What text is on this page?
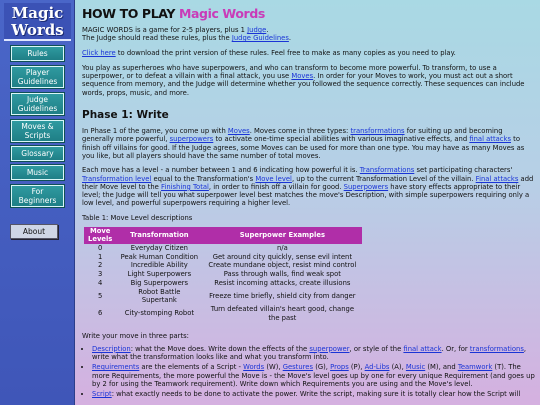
Magic
Words
Rules
Player Guidelines
Judge Guidelines
Moves & Scripts
Glossary
Music
For Beginners
About
HOW TO PLAY Magic Words

MAGIC WORDS is a game for 2-5 players, plus 1 Judge.
The Judge should read these rules, plus the Judge Guidelines.

Click here to download the print version of these rules. Feel free to make as many copies as you need to play.

You play as superheroes who have superpowers, and who can transform to become more powerful. To transform, to use a superpower, or to defeat a villain with a final attack, you use Moves. In order for your Moves to work, you must act out a short sequence from memory, and the Judge will determine whether you followed the sequence correctly. These sequences can include words, props, music, and more.

Phase 1: Write

In Phase 1 of the game, you come up with Moves. Moves come in three types: transformations for suiting up and becoming generally more powerful, superpowers to activate one-time special abilities with various imaginative effects, and final attacks to finish off villains for good. If the Judge agrees, some Moves can be used for more than one type. You may have as many Moves as you like, but all players should have the same number of total moves.

Each move has a level - a number between 1 and 6 indicating how powerful it is. Transformations set participating characters' Transformation level equal to the Transformation's Move level, up to the current Transformation Level of the villain. Final attacks add their Move level to the Finishing Total, in order to finish off a villain for good. Superpowers have story effects appropriate to their level; the Judge will tell you what superpower level best matches the move's Description, with simple superpowers requiring only a low level, and powerful superpowers requiring a higher level.

Table 1: Move Level descriptions

Move Levels	Transformation	Superpower Examples
0	Everyday Citizen	n/a
1	Peak Human Condition	Get around city quickly, sense evil intent
2	Incredible Ability	Create mundane object, resist mind control
3	Light Superpowers	Pass through walls, find weak spot
4	Big Superpowers	Resist incoming attacks, create illusions
5	Robot Battle Supertank	Freeze time briefly, shield city from danger
6	City-stomping Robot	Turn defeated villain's heart good, change the past

Write your move in three parts:

• Description: what the Move does. Write down the effects of the superpower, or style of the final attack. Or, for transformations, write what the transformation looks like and what you transform into.
• Requirements are the elements of a Script - Words (W), Gestures (G), Props (P), Ad-Libs (A), Music (M), and Teamwork (T). The more Requirements, the more powerful the Move is - the Move's level goes up by one for every unique Requirement (and goes up by 2 for using the Teamwork requirement). Write down which Requirements you are using and the Move's level.
• Script: what exactly needs to be done to activate the power. Write the script, making sure it is totally clear how the Script will
